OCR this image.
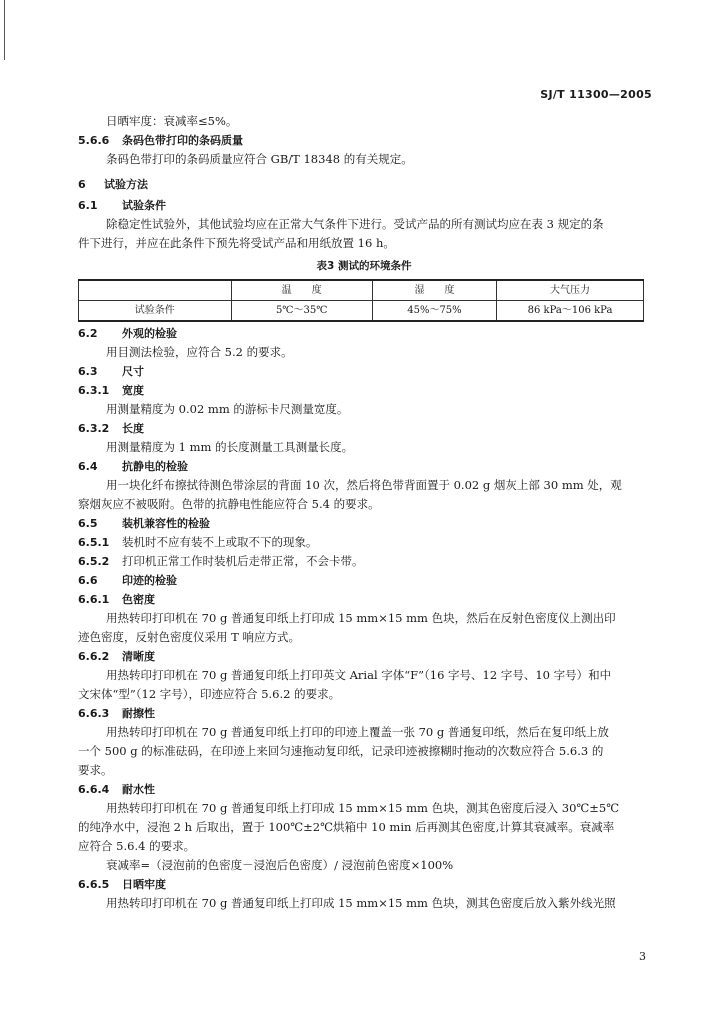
SJ/T 11300—2005
日晒牢度：衰减率≤5%。
5.6.6 条码色带打印的条码质量
条码色带打印的条码质量应符合 GB/T 18348 的有关规定。
6 试验方法
6.1 试验条件
除稳定性试验外，其他试验均应在正常大气条件下进行。受试产品的所有测试均应在表 3 规定的条
件下进行，并应在此条件下预先将受试产品和用纸放置 16 h。
表3 测试的环境条件
	温　　度	湿　　度	大气压力
试验条件	5℃～35℃	45%～75%	86 kPa～106 kPa
6.2 外观的检验
用目测法检验，应符合 5.2 的要求。
6.3 尺寸
6.3.1 宽度
用测量精度为 0.02 mm 的游标卡尺测量宽度。
6.3.2 长度
用测量精度为 1 mm 的长度测量工具测量长度。
6.4 抗静电的检验
用一块化纤布擦拭待测色带涂层的背面 10 次，然后将色带背面置于 0.02 g 烟灰上部 30 mm 处，观
察烟灰应不被吸附。色带的抗静电性能应符合 5.4 的要求。
6.5 装机兼容性的检验
6.5.1 装机时不应有装不上或取不下的现象。
6.5.2 打印机正常工作时装机后走带正常，不会卡带。
6.6 印迹的检验
6.6.1 色密度
用热转印打印机在 70 g 普通复印纸上打印成 15 mm×15 mm 色块，然后在反射色密度仪上测出印
迹色密度，反射色密度仪采用 T 响应方式。
6.6.2 清晰度
用热转印打印机在 70 g 普通复印纸上打印英文 Arial 字体“F”（16 字号、12 字号、10 字号）和中
文宋体“型”（12 字号），印迹应符合 5.6.2 的要求。
6.6.3 耐擦性
用热转印打印机在 70 g 普通复印纸上打印的印迹上覆盖一张 70 g 普通复印纸，然后在复印纸上放
一个 500 g 的标准砝码，在印迹上来回匀速拖动复印纸，记录印迹被擦糊时拖动的次数应符合 5.6.3 的
要求。
6.6.4 耐水性
用热转印打印机在 70 g 普通复印纸上打印成 15 mm×15 mm 色块，测其色密度后浸入 30℃±5℃
的纯净水中，浸泡 2 h 后取出，置于 100℃±2℃烘箱中 10 min 后再测其色密度,计算其衰减率。衰减率
应符合 5.6.4 的要求。
衰减率=（浸泡前的色密度－浸泡后色密度）/ 浸泡前色密度×100%
6.6.5 日晒牢度
用热转印打印机在 70 g 普通复印纸上打印成 15 mm×15 mm 色块，测其色密度后放入紫外线光照
3
